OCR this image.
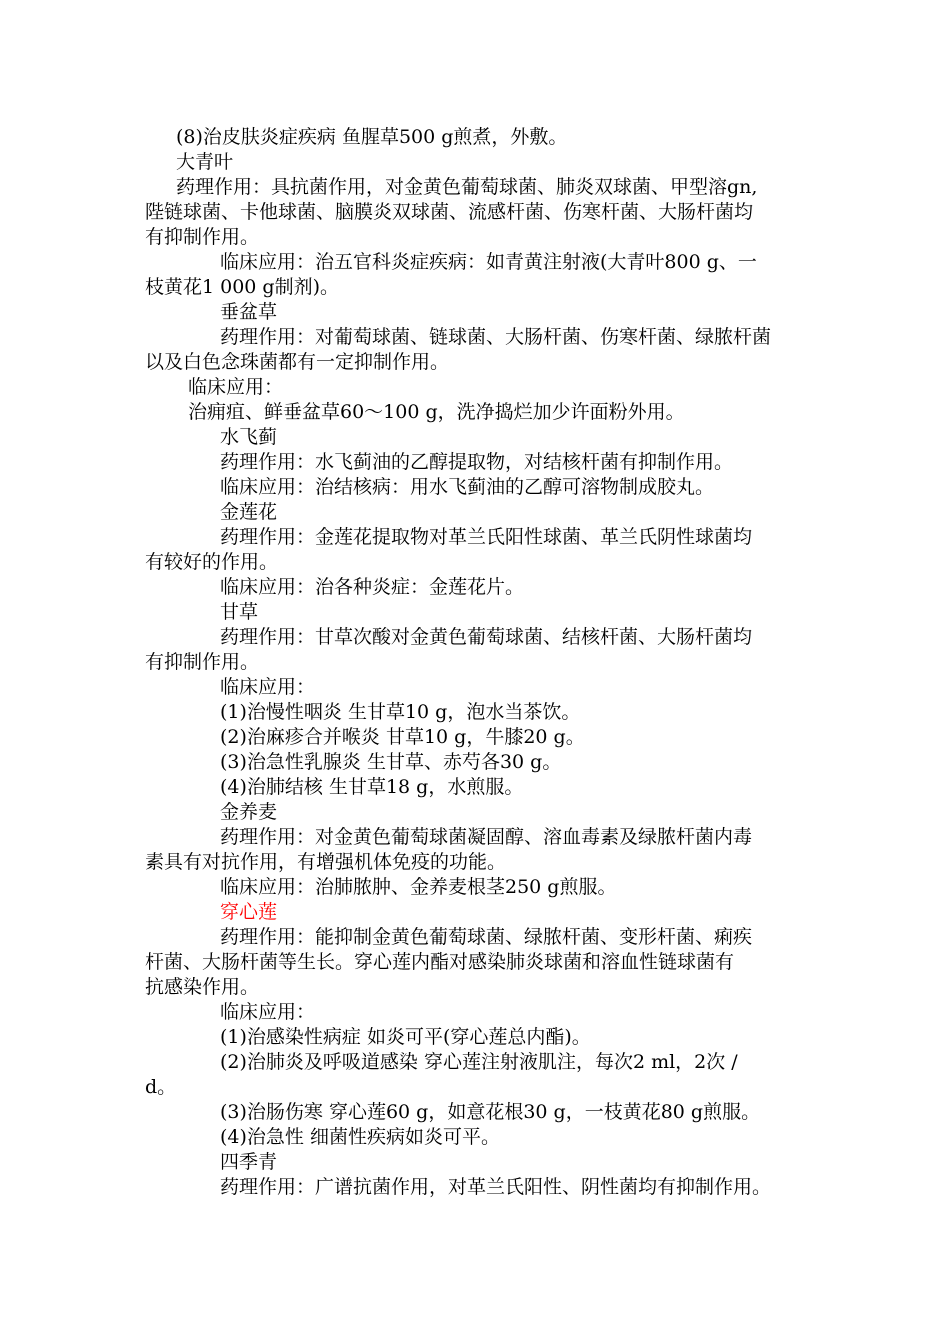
(8)治皮肤炎症疾病 鱼腥草500 g煎煮，外敷。
大青叶
药理作用：具抗菌作用，对金黄色葡萄球菌、肺炎双球菌、甲型溶gn,
陛链球菌、卡他球菌、脑膜炎双球菌、流感杆菌、伤寒杆菌、大肠杆菌均
有抑制作用。
临床应用：治五官科炎症疾病：如青黄注射液(大青叶800 g、一
枝黄花1 000 g制剂)。
垂盆草
药理作用：对葡萄球菌、链球菌、大肠杆菌、伤寒杆菌、绿脓杆菌
以及白色念珠菌都有一定抑制作用。
临床应用：
治痈疽、鲜垂盆草60～100 g，洗净捣烂加少许面粉外用。
水飞蓟
药理作用：水飞蓟油的乙醇提取物，对结核杆菌有抑制作用。
临床应用：治结核病：用水飞蓟油的乙醇可溶物制成胶丸。
金莲花
药理作用：金莲花提取物对革兰氏阳性球菌、革兰氏阴性球菌均
有较好的作用。
临床应用：治各种炎症：金莲花片。
甘草
药理作用：甘草次酸对金黄色葡萄球菌、结核杆菌、大肠杆菌均
有抑制作用。
临床应用：
(1)治慢性咽炎 生甘草10 g，泡水当茶饮。
(2)治麻疹合并喉炎 甘草10 g，牛膝20 g。
(3)治急性乳腺炎 生甘草、赤芍各30 g。
(4)治肺结核 生甘草18 g，水煎服。
金养麦
药理作用：对金黄色葡萄球菌凝固醇、溶血毒素及绿脓杆菌内毒
素具有对抗作用，有增强机体免疫的功能。
临床应用：治肺脓肿、金养麦根茎250 g煎服。
穿心莲
药理作用：能抑制金黄色葡萄球菌、绿脓杆菌、变形杆菌、痢疾
杆菌、大肠杆菌等生长。穿心莲内酯对感染肺炎球菌和溶血性链球菌有
抗感染作用。
临床应用：
(1)治感染性病症 如炎可平(穿心莲总内酯)。
(2)治肺炎及呼吸道感染 穿心莲注射液肌注，每次2 ml，2次 /
d。
(3)治肠伤寒 穿心莲60 g，如意花根30 g，一枝黄花80 g煎服。
(4)治急性 细菌性疾病如炎可平。
四季青
药理作用：广谱抗菌作用，对革兰氏阳性、阴性菌均有抑制作用。
